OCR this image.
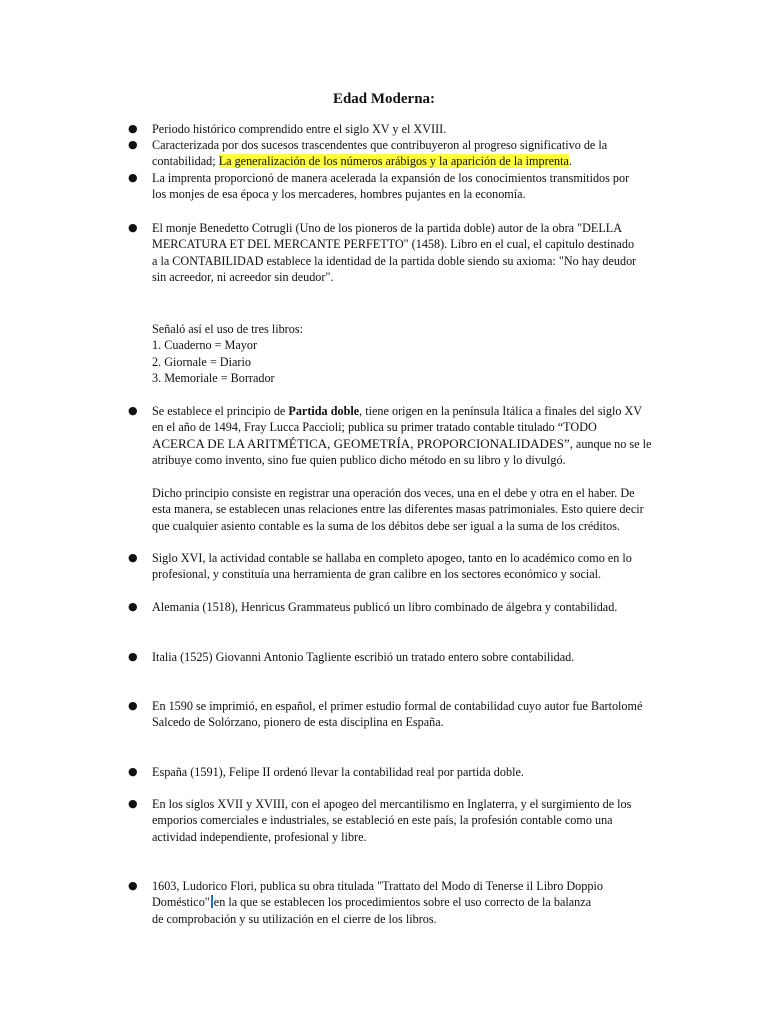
Edad Moderna:
● Periodo histórico comprendido entre el siglo XV y el XVIII.
● Caracterizada por dos sucesos trascendentes que contribuyeron al progreso significativo de la
contabilidad; La generalización de los números arábigos y la aparición de la imprenta.
● La imprenta proporcionó de manera acelerada la expansión de los conocimientos transmitidos por
los monjes de esa época y los mercaderes, hombres pujantes en la economía.
● El monje Benedetto Cotrugli (Uno de los pioneros de la partida doble) autor de la obra "DELLA
MERCATURA ET DEL MERCANTE PERFETTO" (1458). Libro en el cual, el capitulo destinado
a la CONTABILIDAD establece la identidad de la partida doble siendo su axioma: "No hay deudor
sin acreedor, ni acreedor sin deudor".
Señaló así el uso de tres libros:
1. Cuaderno = Mayor
2. Giornale = Diario
3. Memoriale = Borrador
● Se establece el principio de Partida doble, tiene origen en la península Itálica a finales del siglo XV
en el año de 1494, Fray Lucca Paccioli; publica su primer tratado contable titulado “TODO
ACERCA DE LA ARITMÉTICA, GEOMETRÍA, PROPORCIONALIDADES”, aunque no se le
atribuye como invento, sino fue quien publico dicho método en su libro y lo divulgó.
Dicho principio consiste en registrar una operación dos veces, una en el debe y otra en el haber. De
esta manera, se establecen unas relaciones entre las diferentes masas patrimoniales. Esto quiere decir
que cualquier asiento contable es la suma de los débitos debe ser igual a la suma de los créditos.
● Siglo XVI, la actividad contable se hallaba en completo apogeo, tanto en lo académico como en lo
profesional, y constituía una herramienta de gran calibre en los sectores económico y social.
● Alemania (1518), Henricus Grammateus publicó un libro combinado de álgebra y contabilidad.
● Italia (1525) Giovanni Antonio Tagliente escribió un tratado entero sobre contabilidad.
● En 1590 se imprimió, en español, el primer estudio formal de contabilidad cuyo autor fue Bartolomé
Salcedo de Solórzano, pionero de esta disciplina en España.
● España (1591), Felipe II ordenó llevar la contabilidad real por partida doble.
● En los siglos XVII y XVIII, con el apogeo del mercantilismo en Inglaterra, y el surgimiento de los
emporios comerciales e industriales, se estableció en este país, la profesión contable como una
actividad independiente, profesional y libre.
● 1603, Ludorico Flori, publica su obra titulada "Trattato del Modo di Tenerse il Libro Doppio
Doméstico" en la que se establecen los procedimientos sobre el uso correcto de la balanza
de comprobación y su utilización en el cierre de los libros.
